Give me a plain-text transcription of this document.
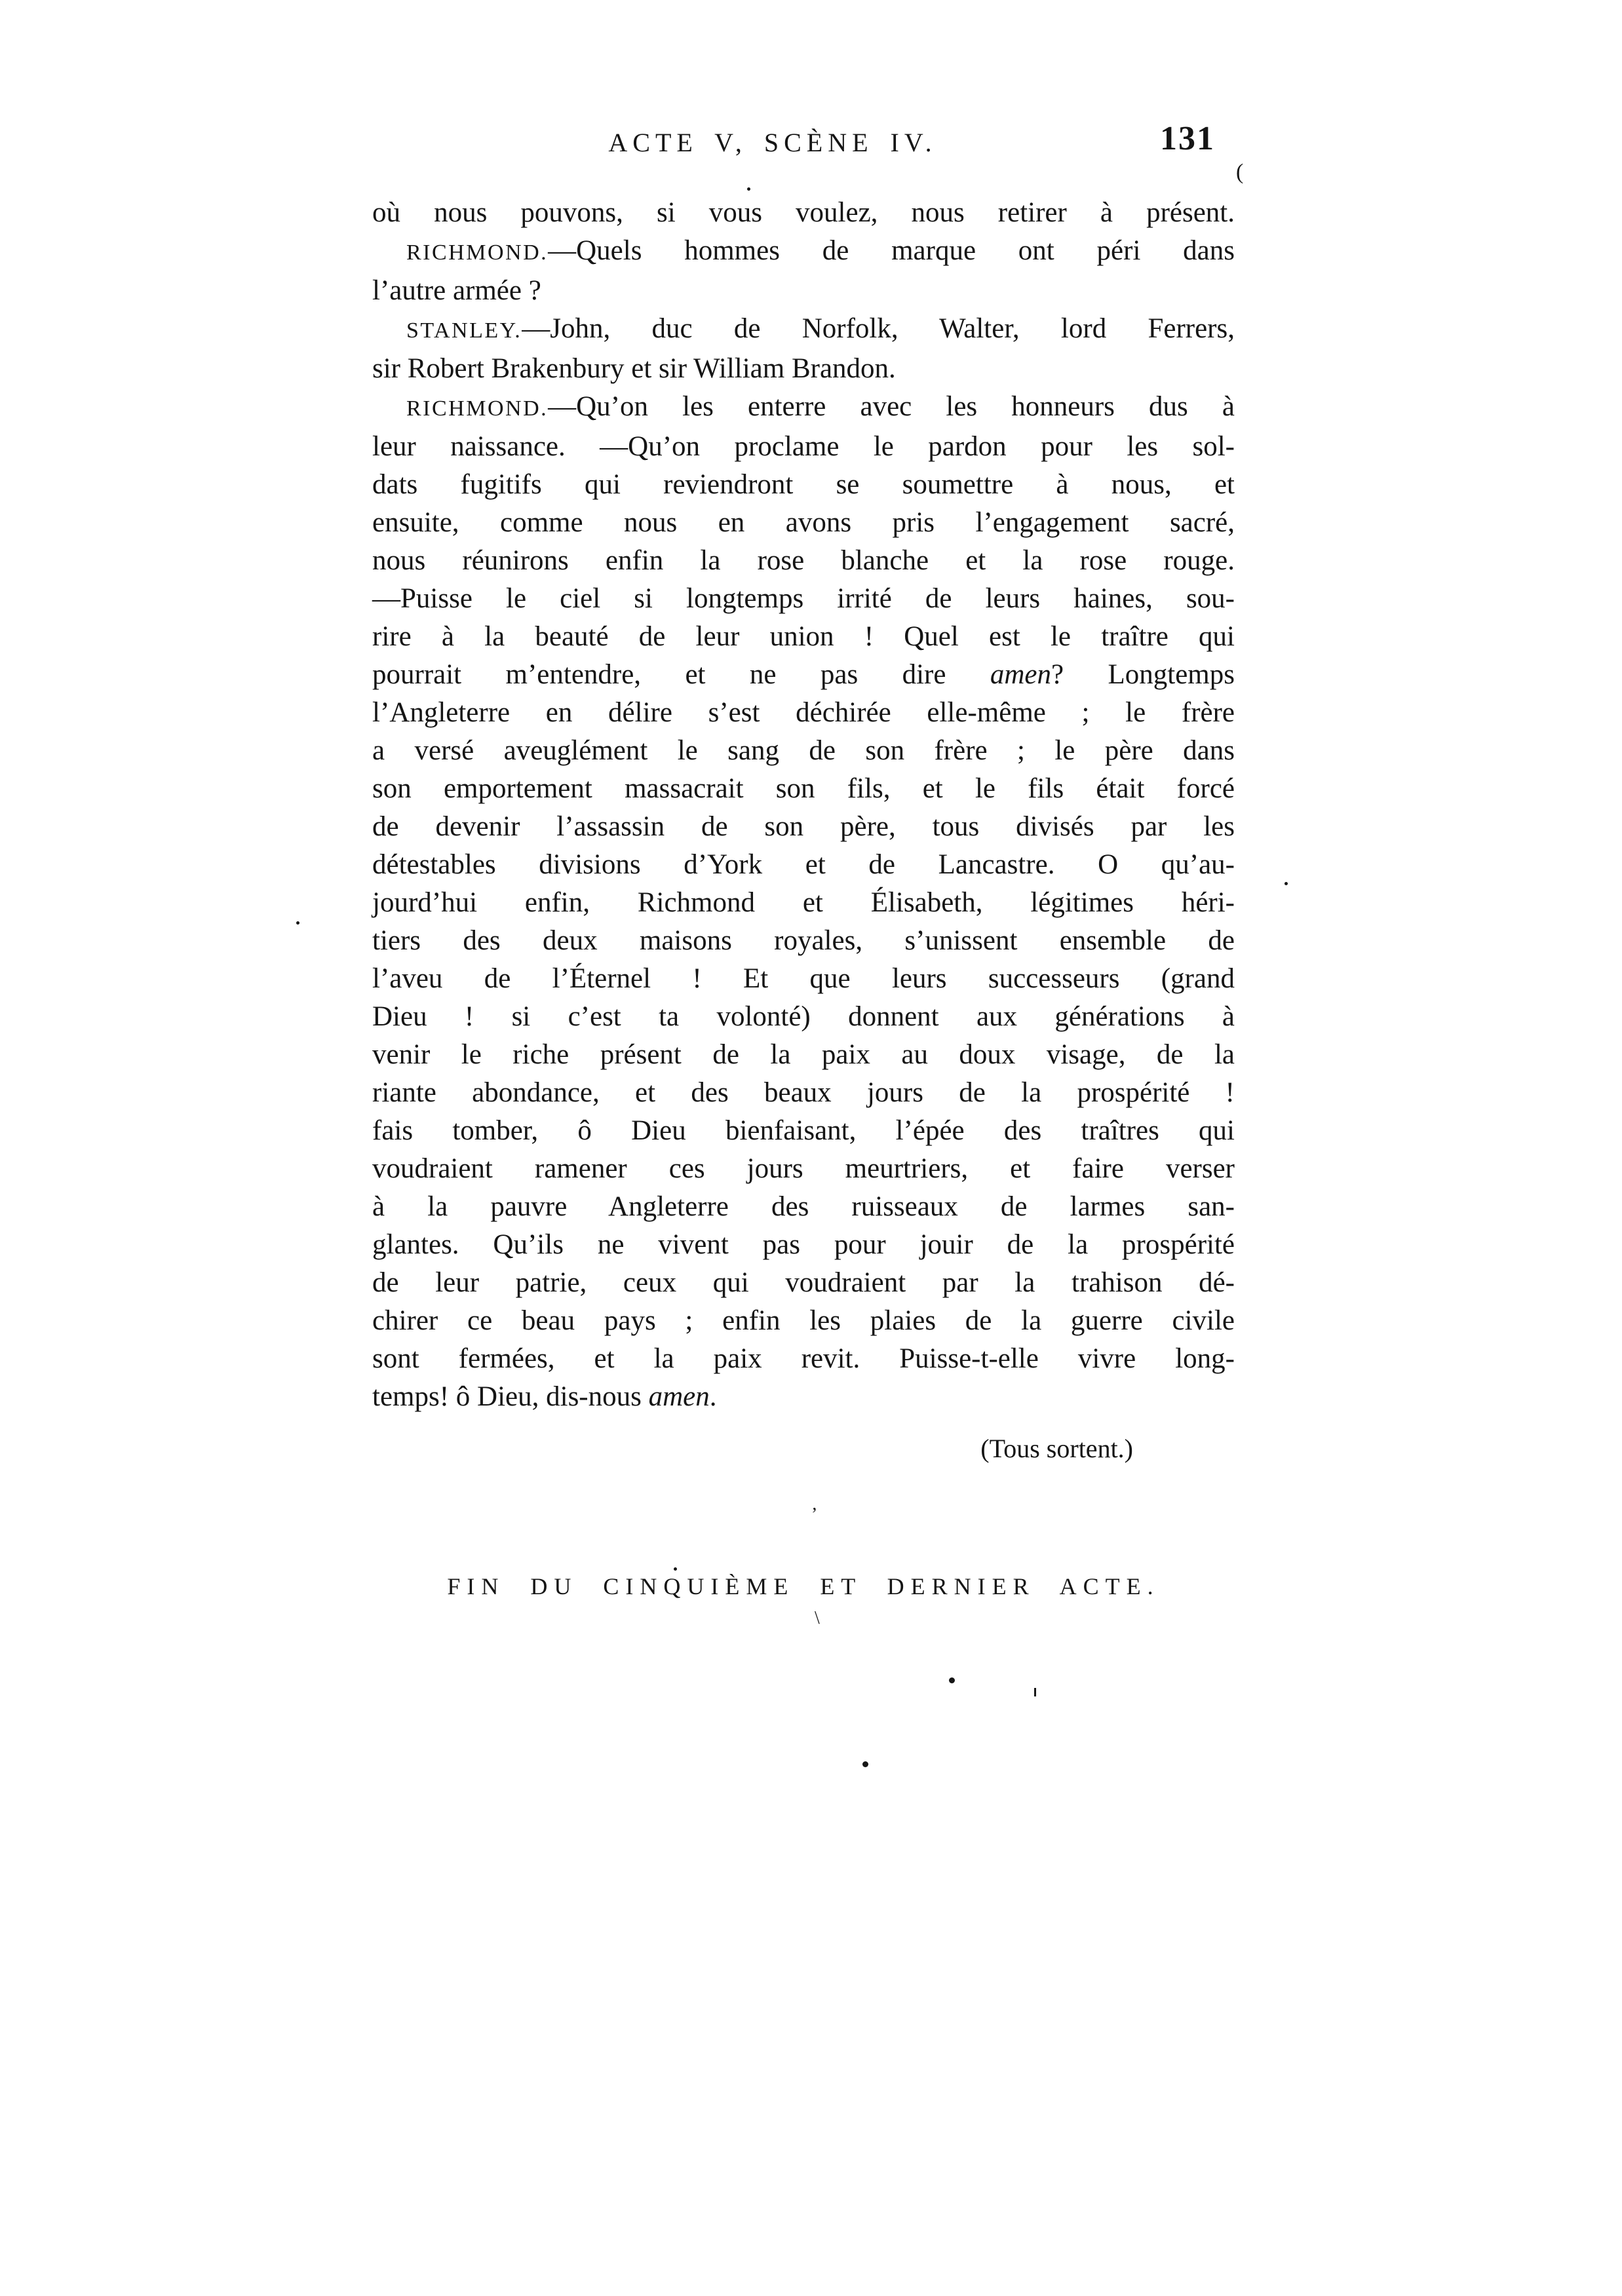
ACTE V, SCÈNE IV.	131
où nous pouvons, si vous voulez, nous retirer à présent.
RICHMOND.—Quels hommes de marque ont péri dans
l’autre armée ?
STANLEY.—John, duc de Norfolk, Walter, lord Ferrers,
sir Robert Brakenbury et sir William Brandon.
RICHMOND.—Qu’on les enterre avec les honneurs dus à
leur naissance. —Qu’on proclame le pardon pour les sol-
dats fugitifs qui reviendront se soumettre à nous, et
ensuite, comme nous en avons pris l’engagement sacré,
nous réunirons enfin la rose blanche et la rose rouge.
—Puisse le ciel si longtemps irrité de leurs haines, sou-
rire à la beauté de leur union ! Quel est le traître qui
pourrait m’entendre, et ne pas dire amen? Longtemps
l’Angleterre en délire s’est déchirée elle-même ; le frère
a versé aveuglément le sang de son frère ; le père dans
son emportement massacrait son fils, et le fils était forcé
de devenir l’assassin de son père, tous divisés par les
détestables divisions d’York et de Lancastre. O qu’au-
jourd’hui enfin, Richmond et Élisabeth, légitimes héri-
tiers des deux maisons royales, s’unissent ensemble de
l’aveu de l’Éternel ! Et que leurs successeurs (grand
Dieu ! si c’est ta volonté) donnent aux générations à
venir le riche présent de la paix au doux visage, de la
riante abondance, et des beaux jours de la prospérité !
fais tomber, ô Dieu bienfaisant, l’épée des traîtres qui
voudraient ramener ces jours meurtriers, et faire verser
à la pauvre Angleterre des ruisseaux de larmes san-
glantes. Qu’ils ne vivent pas pour jouir de la prospérité
de leur patrie, ceux qui voudraient par la trahison dé-
chirer ce beau pays ; enfin les plaies de la guerre civile
sont fermées, et la paix revit. Puisse-t-elle vivre long-
temps! ô Dieu, dis-nous amen.
(Tous sortent.)
FIN DU CINQUIÈME ET DERNIER ACTE.
(
’
\
